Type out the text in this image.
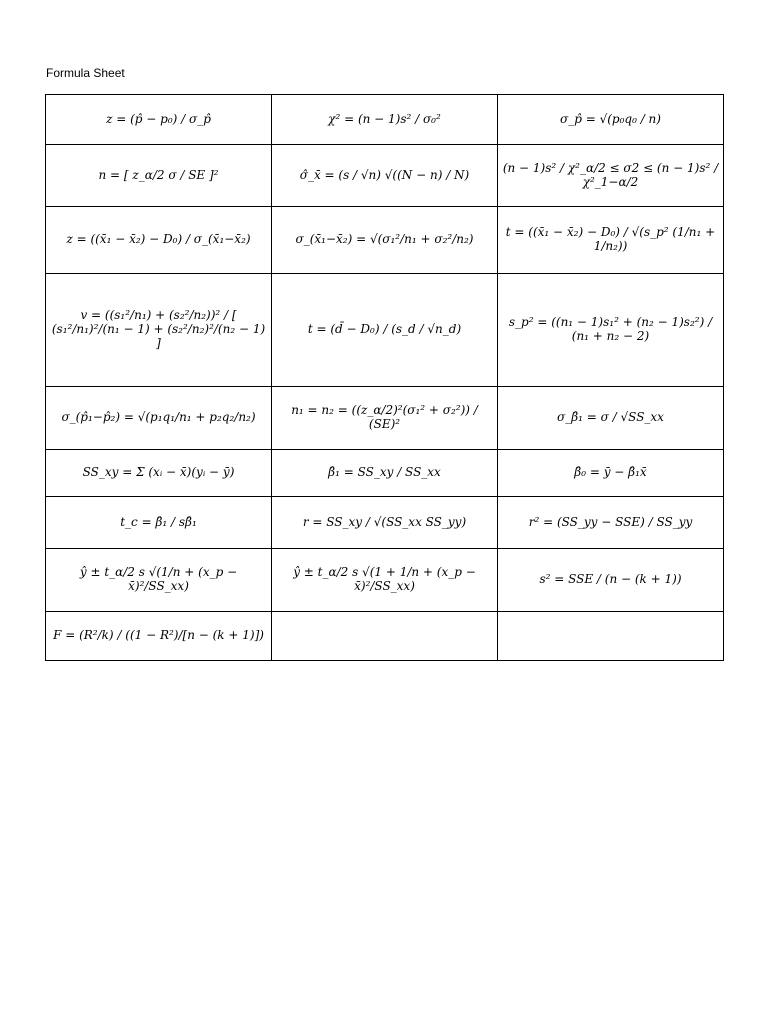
Formula Sheet
z = (p̂ − p₀) / σ_p̂	χ² = (n − 1)s² / σ₀²	σ_p̂ = √(p₀q₀ / n)
n = [ z_α/2 σ / SE ]²	σ̂_x̄ = (s / √n) √((N − n) / N)	(n − 1)s² / χ²_α/2 ≤ σ2 ≤ (n − 1)s² / χ²_1−α/2
z = ((x̄₁ − x̄₂) − D₀) / σ_(x̄₁−x̄₂)	σ_(x̄₁−x̄₂) = √(σ₁²/n₁ + σ₂²/n₂)	t = ((x̄₁ − x̄₂) − D₀) / √(s_p² (1/n₁ + 1/n₂))
v = ((s₁²/n₁) + (s₂²/n₂))² / [ (s₁²/n₁)²/(n₁ − 1) + (s₂²/n₂)²/(n₂ − 1) ]	t = (d̄ − D₀) / (s_d / √n_d)	s_p² = ((n₁ − 1)s₁² + (n₂ − 1)s₂²) / (n₁ + n₂ − 2)
σ_(p̂₁−p̂₂) = √(p₁q₁/n₁ + p₂q₂/n₂)	n₁ = n₂ = ((z_α/2)²(σ₁² + σ₂²)) / (SE)²	σ_β̂₁ = σ / √SS_xx
SS_xy = Σ (xᵢ − x̄)(yᵢ − ȳ)	β̂₁ = SS_xy / SS_xx	β̂₀ = ȳ − β̂₁x̄
t_c = β̂₁ / sβ̂₁	r = SS_xy / √(SS_xx SS_yy)	r² = (SS_yy − SSE) / SS_yy
ŷ ± t_α/2 s √(1/n + (x_p − x̄)²/SS_xx)	ŷ ± t_α/2 s √(1 + 1/n + (x_p − x̄)²/SS_xx)	s² = SSE / (n − (k + 1))
F = (R²/k) / ((1 − R²)/[n − (k + 1)])		
